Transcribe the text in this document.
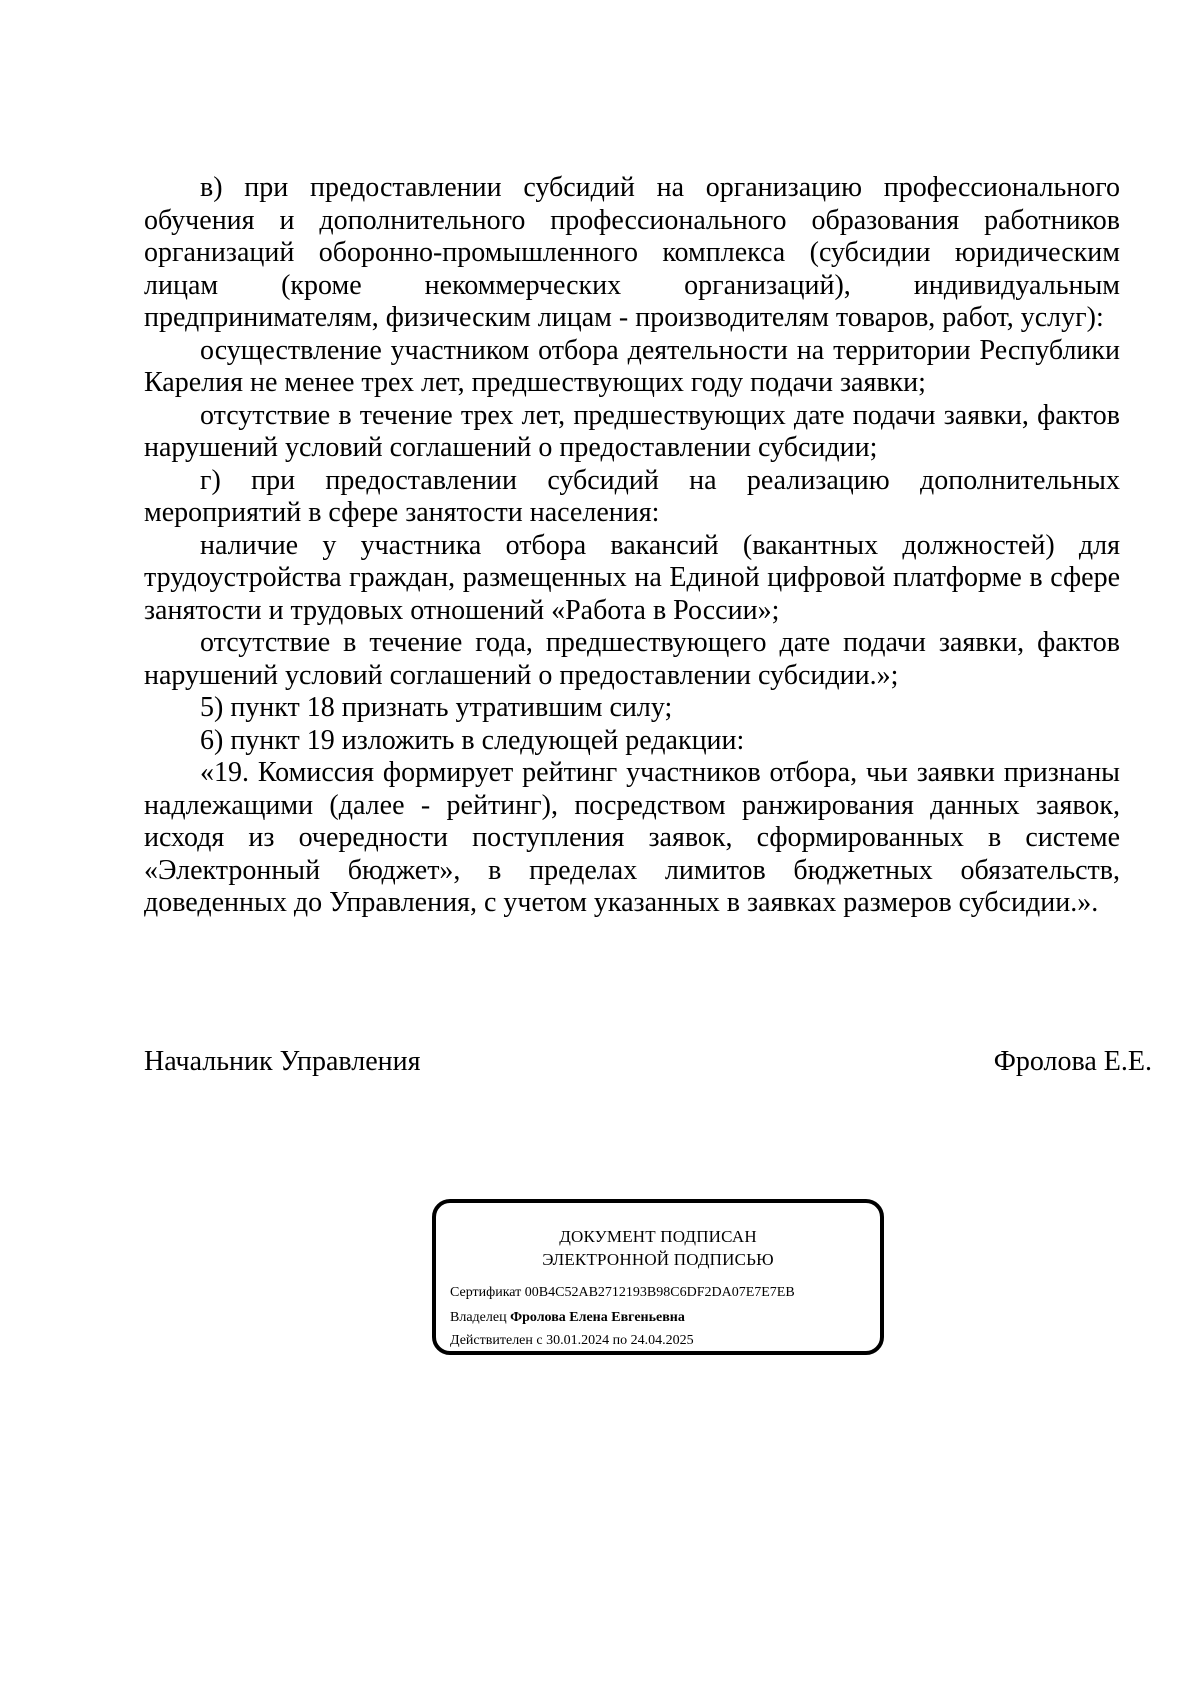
в) при предоставлении субсидий на организацию профессионального обучения и дополнительного профессионального образования работников организаций оборонно-промышленного комплекса (субсидии юридическим лицам (кроме некоммерческих организаций), индивидуальным предпринимателям, физическим лицам - производителям товаров, работ, услуг):

осуществление участником отбора деятельности на территории Республики Карелия не менее трех лет, предшествующих году подачи заявки;

отсутствие в течение трех лет, предшествующих дате подачи заявки, фактов нарушений условий соглашений о предоставлении субсидии;

г) при предоставлении субсидий на реализацию дополнительных мероприятий в сфере занятости населения:

наличие у участника отбора вакансий (вакантных должностей) для трудоустройства граждан, размещенных на Единой цифровой платформе в сфере занятости и трудовых отношений «Работа в России»;

отсутствие в течение года, предшествующего дате подачи заявки, фактов нарушений условий соглашений о предоставлении субсидии.»;

5) пункт 18 признать утратившим силу;

6) пункт 19 изложить в следующей редакции:

«19. Комиссия формирует рейтинг участников отбора, чьи заявки признаны надлежащими (далее - рейтинг), посредством ранжирования данных заявок, исходя из очередности поступления заявок, сформированных в системе «Электронный бюджет», в пределах лимитов бюджетных обязательств, доведенных до Управления, с учетом указанных в заявках размеров субсидии.».

Начальник Управления	Фролова Е.Е.
ДОКУМЕНТ ПОДПИСАН
ЭЛЕКТРОННОЙ ПОДПИСЬЮ
Сертификат 00B4C52AB2712193B98C6DF2DA07E7E7EB
Владелец Фролова Елена Евгеньевна
Действителен с 30.01.2024 по 24.04.2025
